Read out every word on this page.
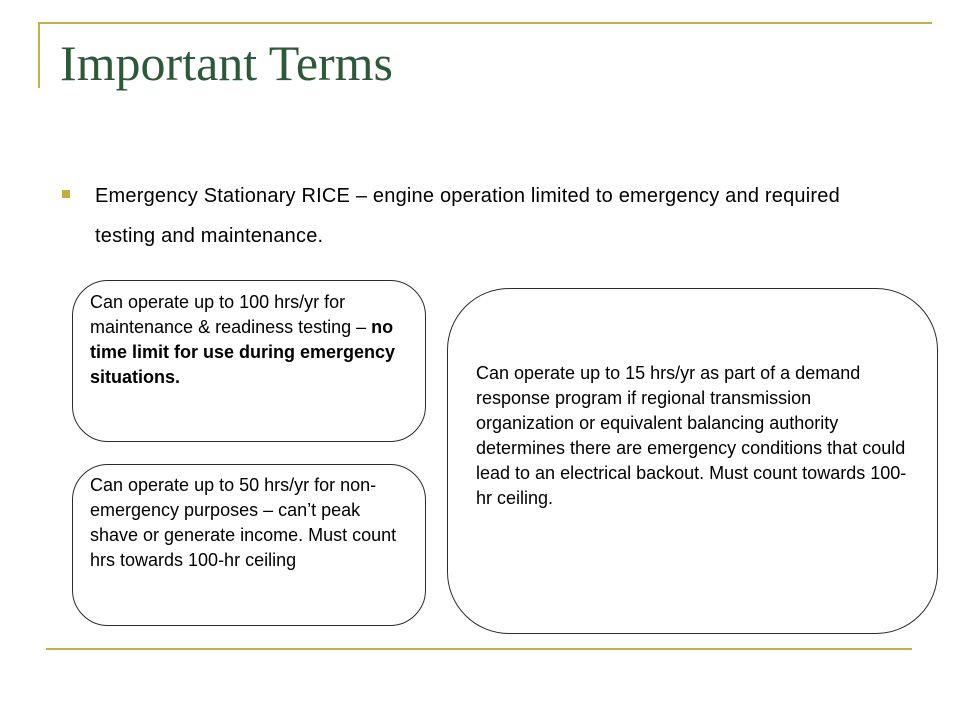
Important Terms

Emergency Stationary RICE – engine operation limited to emergency and required testing and maintenance.

Can operate up to 100 hrs/yr for maintenance & readiness testing – no time limit for use during emergency situations.

Can operate up to 50 hrs/yr for non-emergency purposes – can’t peak shave or generate income. Must count hrs towards 100-hr ceiling

Can operate up to 15 hrs/yr as part of a demand response program if regional transmission organization or equivalent balancing authority determines there are emergency conditions that could lead to an electrical backout. Must count towards 100-hr ceiling.
